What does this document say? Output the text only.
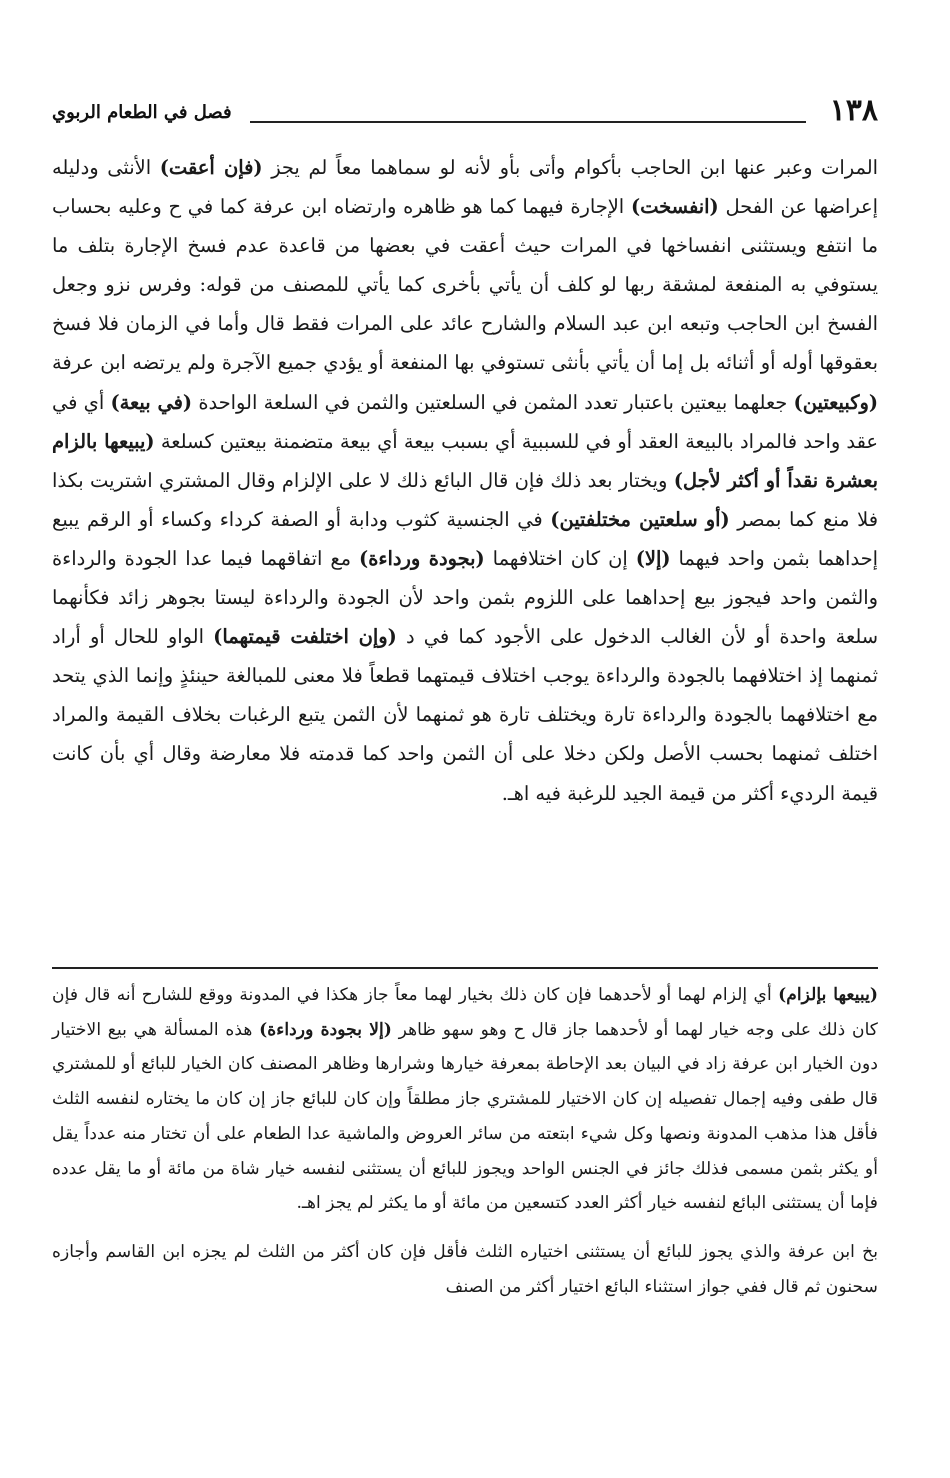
١٣٨
فصل في الطعام الربوي

المرات وعبر عنها ابن الحاجب بأكوام وأتى بأو لأنه لو سماهما معاً لم يجز (فإن أعقت) الأنثى ودليله إعراضها عن الفحل (انفسخت) الإجارة فيهما كما هو ظاهره وارتضاه ابن عرفة كما في ح وعليه بحساب ما انتفع ويستثنى انفساخها في المرات حيث أعقت في بعضها من قاعدة عدم فسخ الإجارة بتلف ما يستوفي به المنفعة لمشقة ربها لو كلف أن يأتي بأخرى كما يأتي للمصنف من قوله: وفرس نزو وجعل الفسخ ابن الحاجب وتبعه ابن عبد السلام والشارح عائد على المرات فقط قال وأما في الزمان فلا فسخ بعقوقها أوله أو أثنائه بل إما أن يأتي بأنثى تستوفي بها المنفعة أو يؤدي جميع الآجرة ولم يرتضه ابن عرفة (وكبيعتين) جعلهما بيعتين باعتبار تعدد المثمن في السلعتين والثمن في السلعة الواحدة (في بيعة) أي في عقد واحد فالمراد بالبيعة العقد أو في للسببية أي بسبب بيعة أي بيعة متضمنة بيعتين كسلعة (يبيعها بالزام بعشرة نقداً أو أكثر لأجل) ويختار بعد ذلك فإن قال البائع ذلك لا على الإلزام وقال المشتري اشتريت بكذا فلا منع كما بمصر (أو سلعتين مختلفتين) في الجنسية كثوب ودابة أو الصفة كرداء وكساء أو الرقم يبيع إحداهما بثمن واحد فيهما (إلا) إن كان اختلافهما (بجودة ورداءة) مع اتفاقهما فيما عدا الجودة والرداءة والثمن واحد فيجوز بيع إحداهما على اللزوم بثمن واحد لأن الجودة والرداءة ليستا بجوهر زائد فكأنهما سلعة واحدة أو لأن الغالب الدخول على الأجود كما في د (وإن اختلفت قيمتهما) الواو للحال أو أراد ثمنهما إذ اختلافهما بالجودة والرداءة يوجب اختلاف قيمتهما قطعاً فلا معنى للمبالغة حينئذٍ وإنما الذي يتحد مع اختلافهما بالجودة والرداءة تارة ويختلف تارة هو ثمنهما لأن الثمن يتبع الرغبات بخلاف القيمة والمراد اختلف ثمنهما بحسب الأصل ولكن دخلا على أن الثمن واحد كما قدمته فلا معارضة وقال أي بأن كانت قيمة الرديء أكثر من قيمة الجيد للرغبة فيه اهـ.

(يبيعها بإلزام) أي إلزام لهما أو لأحدهما فإن كان ذلك بخيار لهما معاً جاز هكذا في المدونة ووقع للشارح أنه قال فإن كان ذلك على وجه خيار لهما أو لأحدهما جاز قال ح وهو سهو ظاهر (إلا بجودة ورداءة) هذه المسألة هي بيع الاختيار دون الخيار ابن عرفة زاد في البيان بعد الإحاطة بمعرفة خيارها وشرارها وظاهر المصنف كان الخيار للبائع أو للمشتري قال طفى وفيه إجمال تفصيله إن كان الاختيار للمشتري جاز مطلقاً وإن كان للبائع جاز إن كان ما يختاره لنفسه الثلث فأقل هذا مذهب المدونة ونصها وكل شيء ابتعته من سائر العروض والماشية عدا الطعام على أن تختار منه عدداً يقل أو يكثر بثمن مسمى فذلك جائز في الجنس الواحد ويجوز للبائع أن يستثنى لنفسه خيار شاة من مائة أو ما يقل عدده فإما أن يستثنى البائع لنفسه خيار أكثر العدد كتسعين من مائة أو ما يكثر لم يجز اهـ.

بخ ابن عرفة والذي يجوز للبائع أن يستثنى اختياره الثلث فأقل فإن كان أكثر من الثلث لم يجزه ابن القاسم وأجازه سحنون ثم قال ففي جواز استثناء البائع اختيار أكثر من الصنف
